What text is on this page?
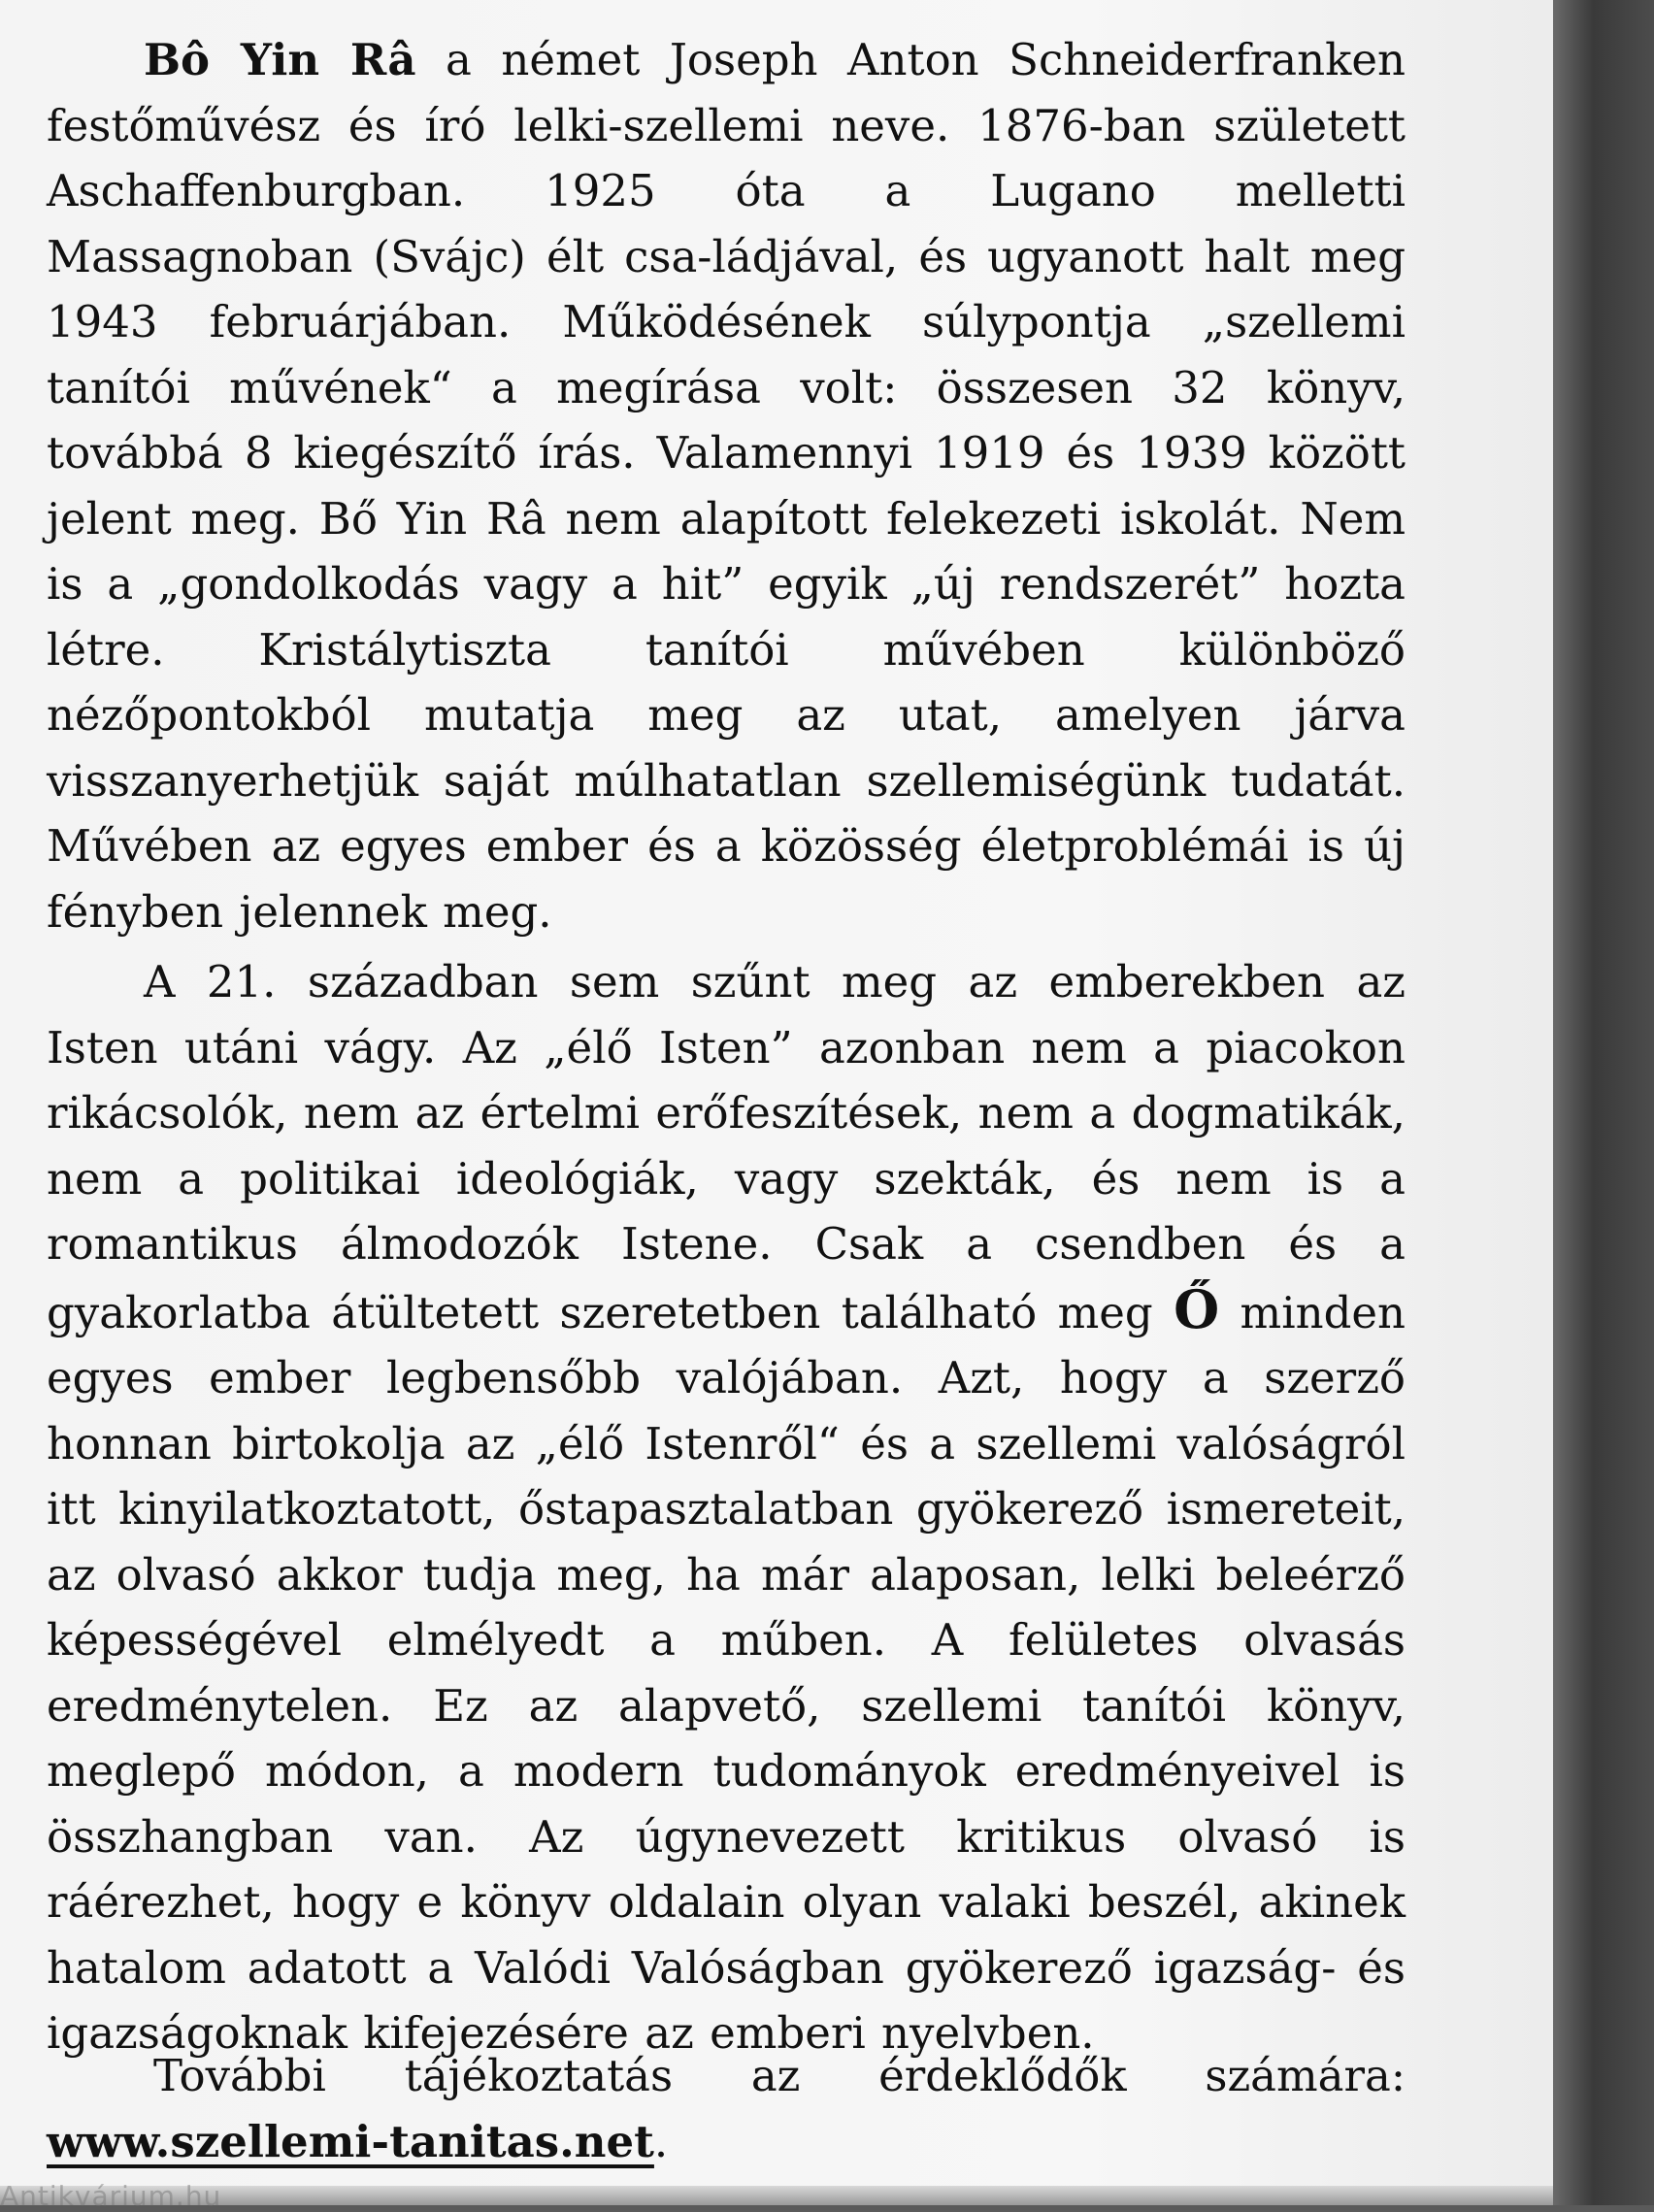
Bô Yin Râ a német Joseph Anton Schneiderfranken festőművész és író lelki-szellemi neve. 1876-ban született Aschaffenburgban. 1925 óta a Lugano melletti Massagnoban (Svájc) élt csa-ládjával, és ugyanott halt meg 1943 februárjában. Működésének súlypontja „szellemi tanítói művének“ a megírása volt: összesen 32 könyv, továbbá 8 kiegészítő írás. Valamennyi 1919 és 1939 között jelent meg. Bő Yin Râ nem alapított felekezeti iskolát. Nem is a „gondolkodás vagy a hit” egyik „új rendszerét” hozta létre. Kristálytiszta tanítói művében különböző nézőpontokból mutatja meg az utat, amelyen járva visszanyerhetjük saját múlhatatlan szellemiségünk tudatát. Művében az egyes ember és a közösség életproblémái is új fényben jelennek meg.
A 21. században sem szűnt meg az emberekben az Isten utáni vágy. Az „élő Isten” azonban nem a piacokon rikácsolók, nem az értelmi erőfeszítések, nem a dogmatikák, nem a politikai ideológiák, vagy szekták, és nem is a romantikus álmodozók Istene. Csak a csendben és a gyakorlatba átültetett szeretetben található meg Ő minden egyes ember legbensőbb valójában. Azt, hogy a szerző honnan birtokolja az „élő Istenről“ és a szellemi valóságról itt kinyilatkoztatott, őstapasztalatban gyökerező ismereteit, az olvasó akkor tudja meg, ha már alaposan, lelki beleérző képességével elmélyedt a műben. A felületes olvasás eredménytelen. Ez az alapvető, szellemi tanítói könyv, meglepő módon, a modern tudományok eredményeivel is összhangban van. Az úgynevezett kritikus olvasó is ráérezhet, hogy e könyv oldalain olyan valaki beszél, akinek hatalom adatott a Valódi Valóságban gyökerező igazság- és igazságoknak kifejezésére az emberi nyelvben.
További tájékoztatás az érdeklődők számára:
www.szellemi-tanitas.net.
Antikvárium.hu
